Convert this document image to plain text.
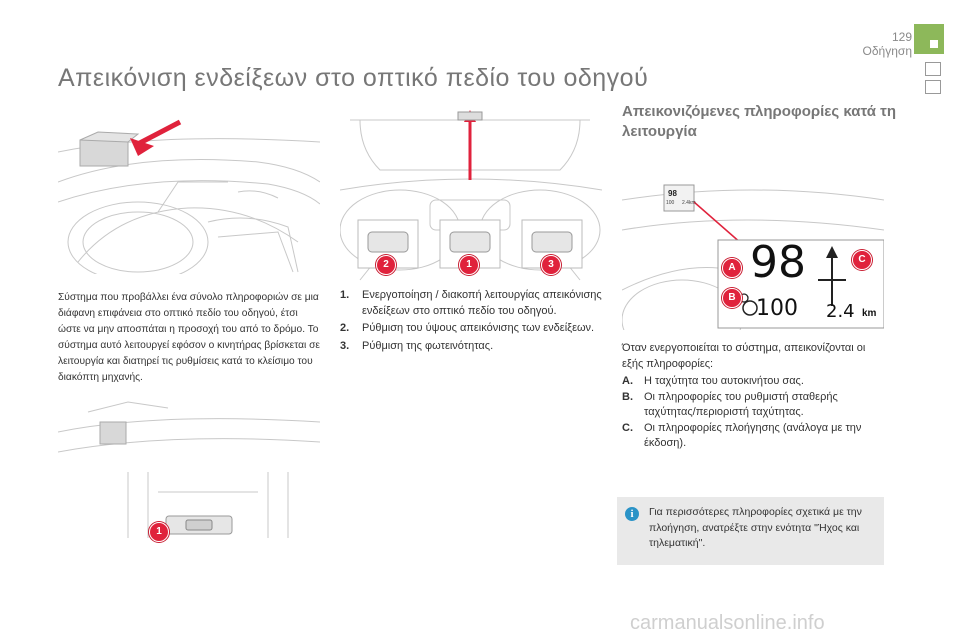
129
Οδήγηση
Απεικόνιση ενδείξεων στο οπτικό πεδίο του οδηγού
Σύστημα που προβάλλει ένα σύνολο πληροφοριών σε μια διάφανη επιφάνεια στο οπτικό πεδίο του οδηγού, έτσι ώστε να μην αποσπάται η προσοχή του από το δρόμο. Το σύστημα αυτό λειτουργεί εφόσον ο κινητήρας βρίσκεται σε λειτουργία και διατηρεί τις ρυθμίσεις κατά το κλείσιμο του διακόπτη μηχανής.
1
2	1	3
1.	Ενεργοποίηση / διακοπή λειτουργίας απεικόνισης ενδείξεων στο οπτικό πεδίο του οδηγού.
2.	Ρύθμιση του ύψους απεικόνισης των ενδείξεων.
3.	Ρύθμιση της φωτεινότητας.
Απεικονιζόμενες πληροφορίες κατά τη λειτουργία
98
100 2.4km
98
100 2.4 km
A
B
C
Όταν ενεργοποιείται το σύστημα, απεικονίζονται οι εξής πληροφορίες:
A.	Η ταχύτητα του αυτοκινήτου σας.
B.	Οι πληροφορίες του ρυθμιστή σταθερής ταχύτητας/περιοριστή ταχύτητας.
C.	Οι πληροφορίες πλοήγησης (ανάλογα με την έκδοση).
i	Για περισσότερες πληροφορίες σχετικά με την πλοήγηση, ανατρέξτε στην ενότητα "Ήχος και τηλεματική".
carmanualsonline.info
